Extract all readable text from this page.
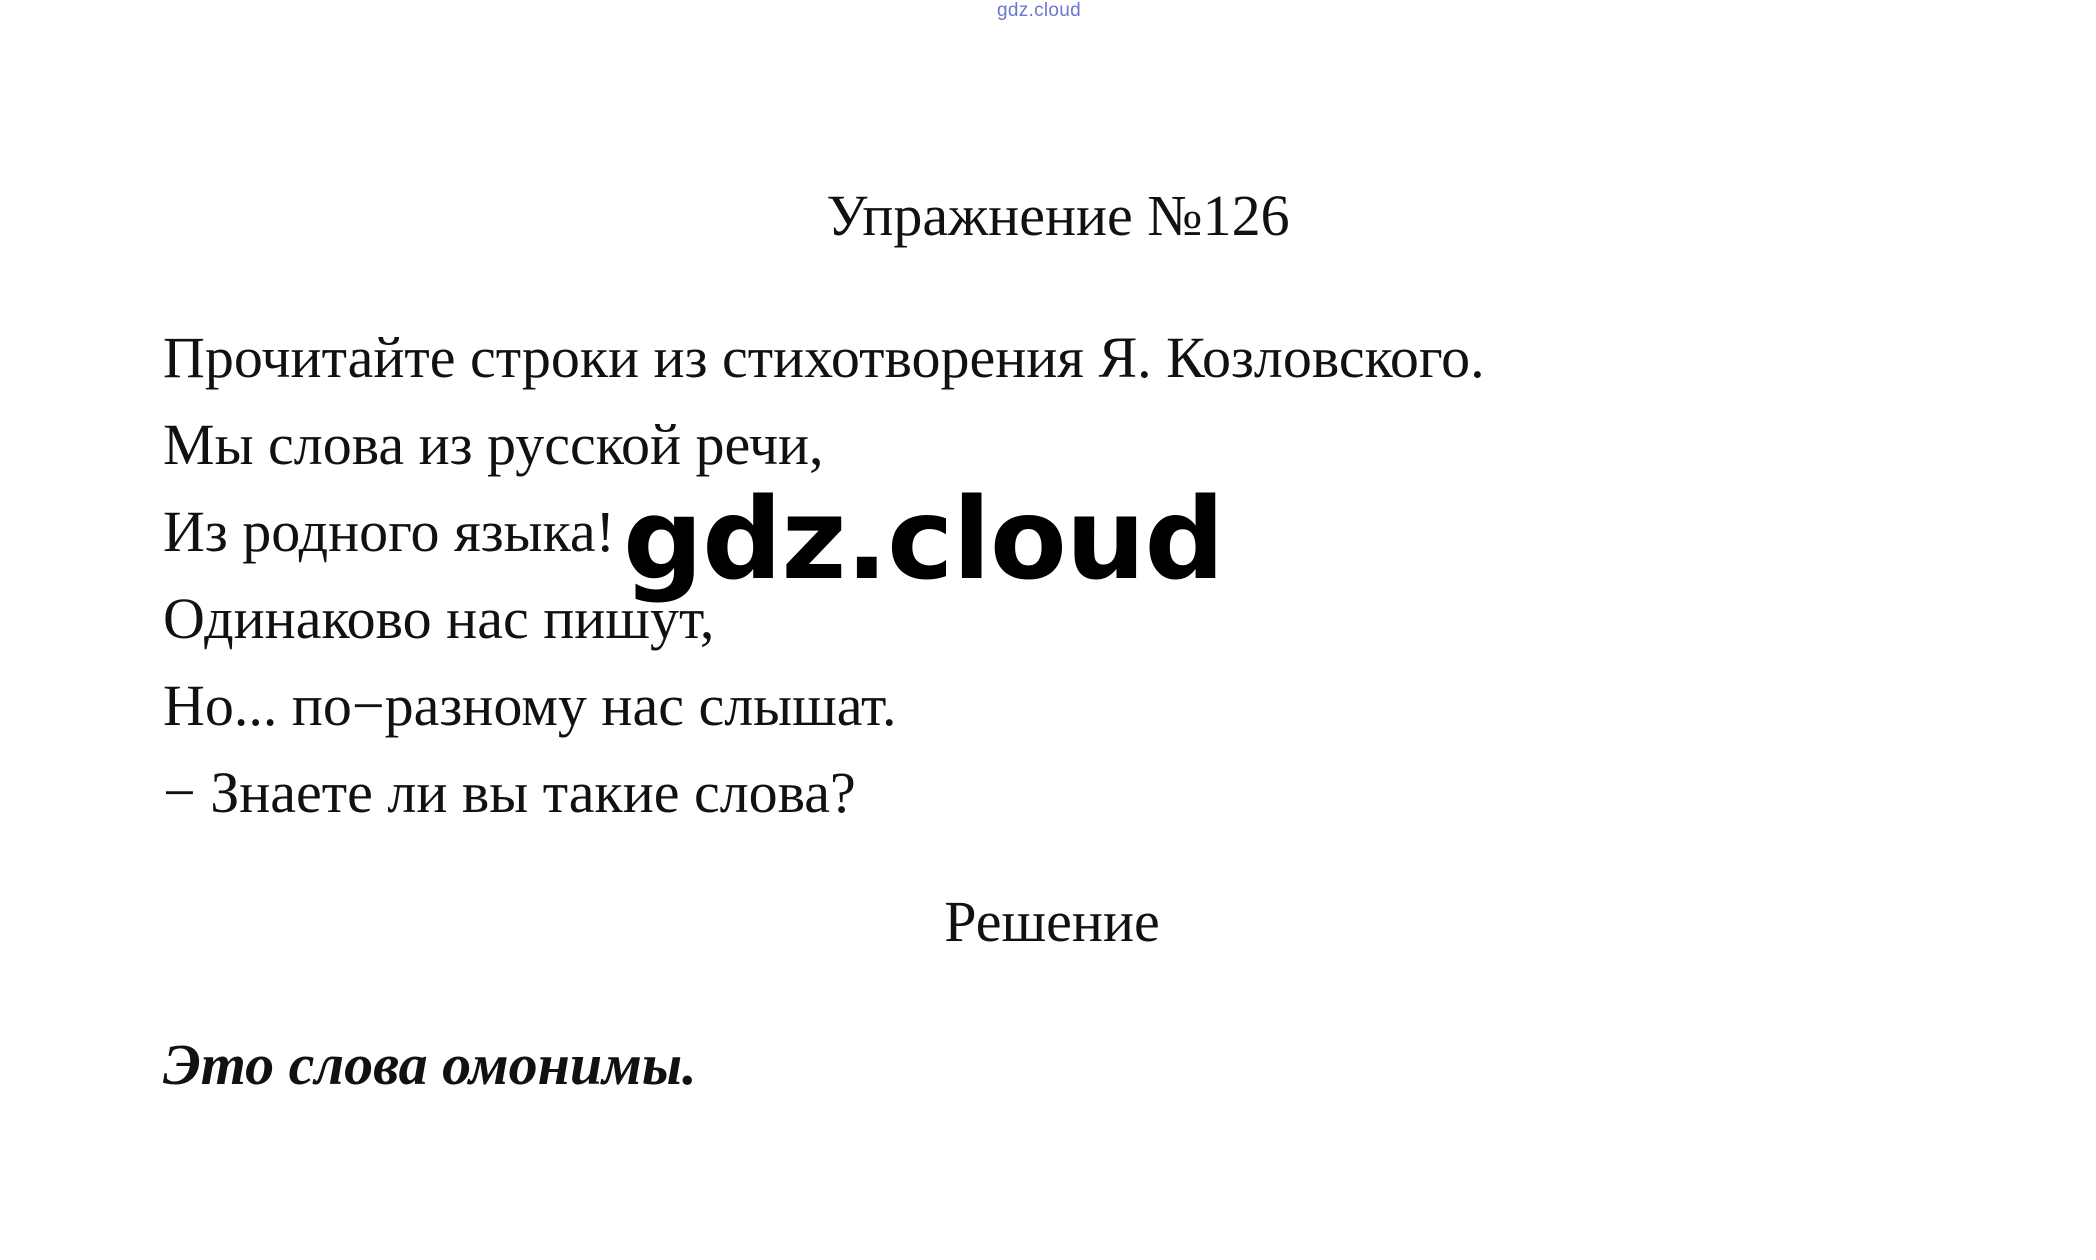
gdz.cloud
Упражнение №126
Прочитайте строки из стихотворения Я. Козловского.
Мы слова из русской речи,
Из родного языка!
Одинаково нас пишут,
Но... по−разному нас слышат.
− Знаете ли вы такие слова?
gdz.cloud
Решение
Это слова омонимы.
